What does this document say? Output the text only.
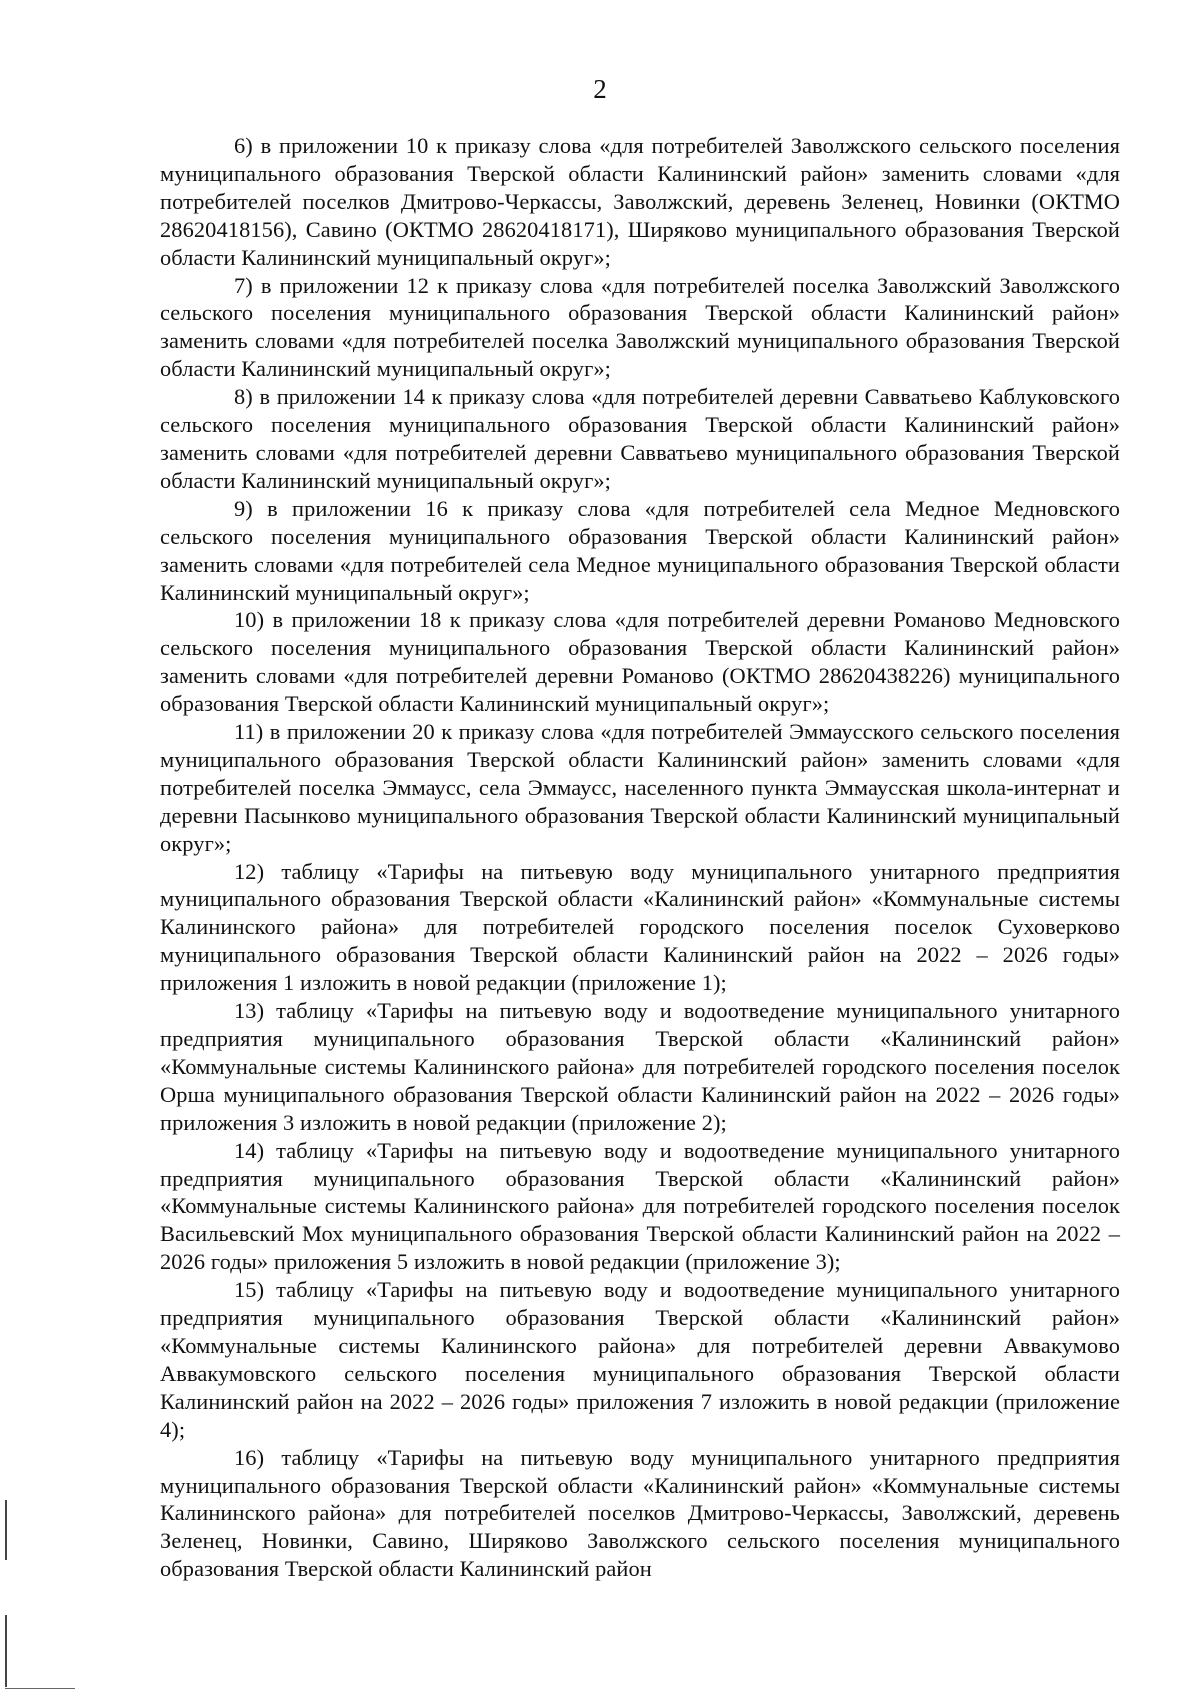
2

6) в приложении 10 к приказу слова «для потребителей Заволжского сельского поселения муниципального образования Тверской области Калининский район» заменить словами «для потребителей поселков Дмитрово-Черкассы, Заволжский, деревень Зеленец, Новинки (ОКТМО 28620418156), Савино (ОКТМО 28620418171), Ширяково муниципального образования Тверской области Калининский муниципальный округ»;

7) в приложении 12 к приказу слова «для потребителей поселка Заволжский Заволжского сельского поселения муниципального образования Тверской области Калининский район» заменить словами «для потребителей поселка Заволжский муниципального образования Тверской области Калининский муниципальный округ»;

8) в приложении 14 к приказу слова «для потребителей деревни Савватьево Каблуковского сельского поселения муниципального образования Тверской области Калининский район» заменить словами «для потребителей деревни Савватьево муниципального образования Тверской области Калининский муниципальный округ»;

9) в приложении 16 к приказу слова «для потребителей села Медное Медновского сельского поселения муниципального образования Тверской области Калининский район» заменить словами «для потребителей села Медное муниципального образования Тверской области Калининский муниципальный округ»;

10) в приложении 18 к приказу слова «для потребителей деревни Романово Медновского сельского поселения муниципального образования Тверской области Калининский район» заменить словами «для потребителей деревни Романово (ОКТМО 28620438226) муниципального образования Тверской области Калининский муниципальный округ»;

11) в приложении 20 к приказу слова «для потребителей Эммаусского сельского поселения муниципального образования Тверской области Калининский район» заменить словами «для потребителей поселка Эммаусс, села Эммаусс, населенного пункта Эммаусская школа-интернат и деревни Пасынково муниципального образования Тверской области Калининский муниципальный округ»;

12) таблицу «Тарифы на питьевую воду муниципального унитарного предприятия муниципального образования Тверской области «Калининский район» «Коммунальные системы Калининского района» для потребителей городского поселения поселок Суховерково муниципального образования Тверской области Калининский район на 2022 – 2026 годы» приложения 1 изложить в новой редакции (приложение 1);

13) таблицу «Тарифы на питьевую воду и водоотведение муниципального унитарного предприятия муниципального образования Тверской области «Калининский район» «Коммунальные системы Калининского района» для потребителей городского поселения поселок Орша муниципального образования Тверской области Калининский район на 2022 – 2026 годы» приложения 3 изложить в новой редакции (приложение 2);

14) таблицу «Тарифы на питьевую воду и водоотведение муниципального унитарного предприятия муниципального образования Тверской области «Калининский район» «Коммунальные системы Калининского района» для потребителей городского поселения поселок Васильевский Мох муниципального образования Тверской области Калининский район на 2022 – 2026 годы» приложения 5 изложить в новой редакции (приложение 3);

15) таблицу «Тарифы на питьевую воду и водоотведение муниципального унитарного предприятия муниципального образования Тверской области «Калининский район» «Коммунальные системы Калининского района» для потребителей деревни Аввакумово Аввакумовского сельского поселения муниципального образования Тверской области Калининский район на 2022 – 2026 годы» приложения 7 изложить в новой редакции (приложение 4);

16) таблицу «Тарифы на питьевую воду муниципального унитарного предприятия муниципального образования Тверской области «Калининский район» «Коммунальные системы Калининского района» для потребителей поселков Дмитрово-Черкассы, Заволжский, деревень Зеленец, Новинки, Савино, Ширяково Заволжского сельского поселения муниципального образования Тверской области Калининский район
